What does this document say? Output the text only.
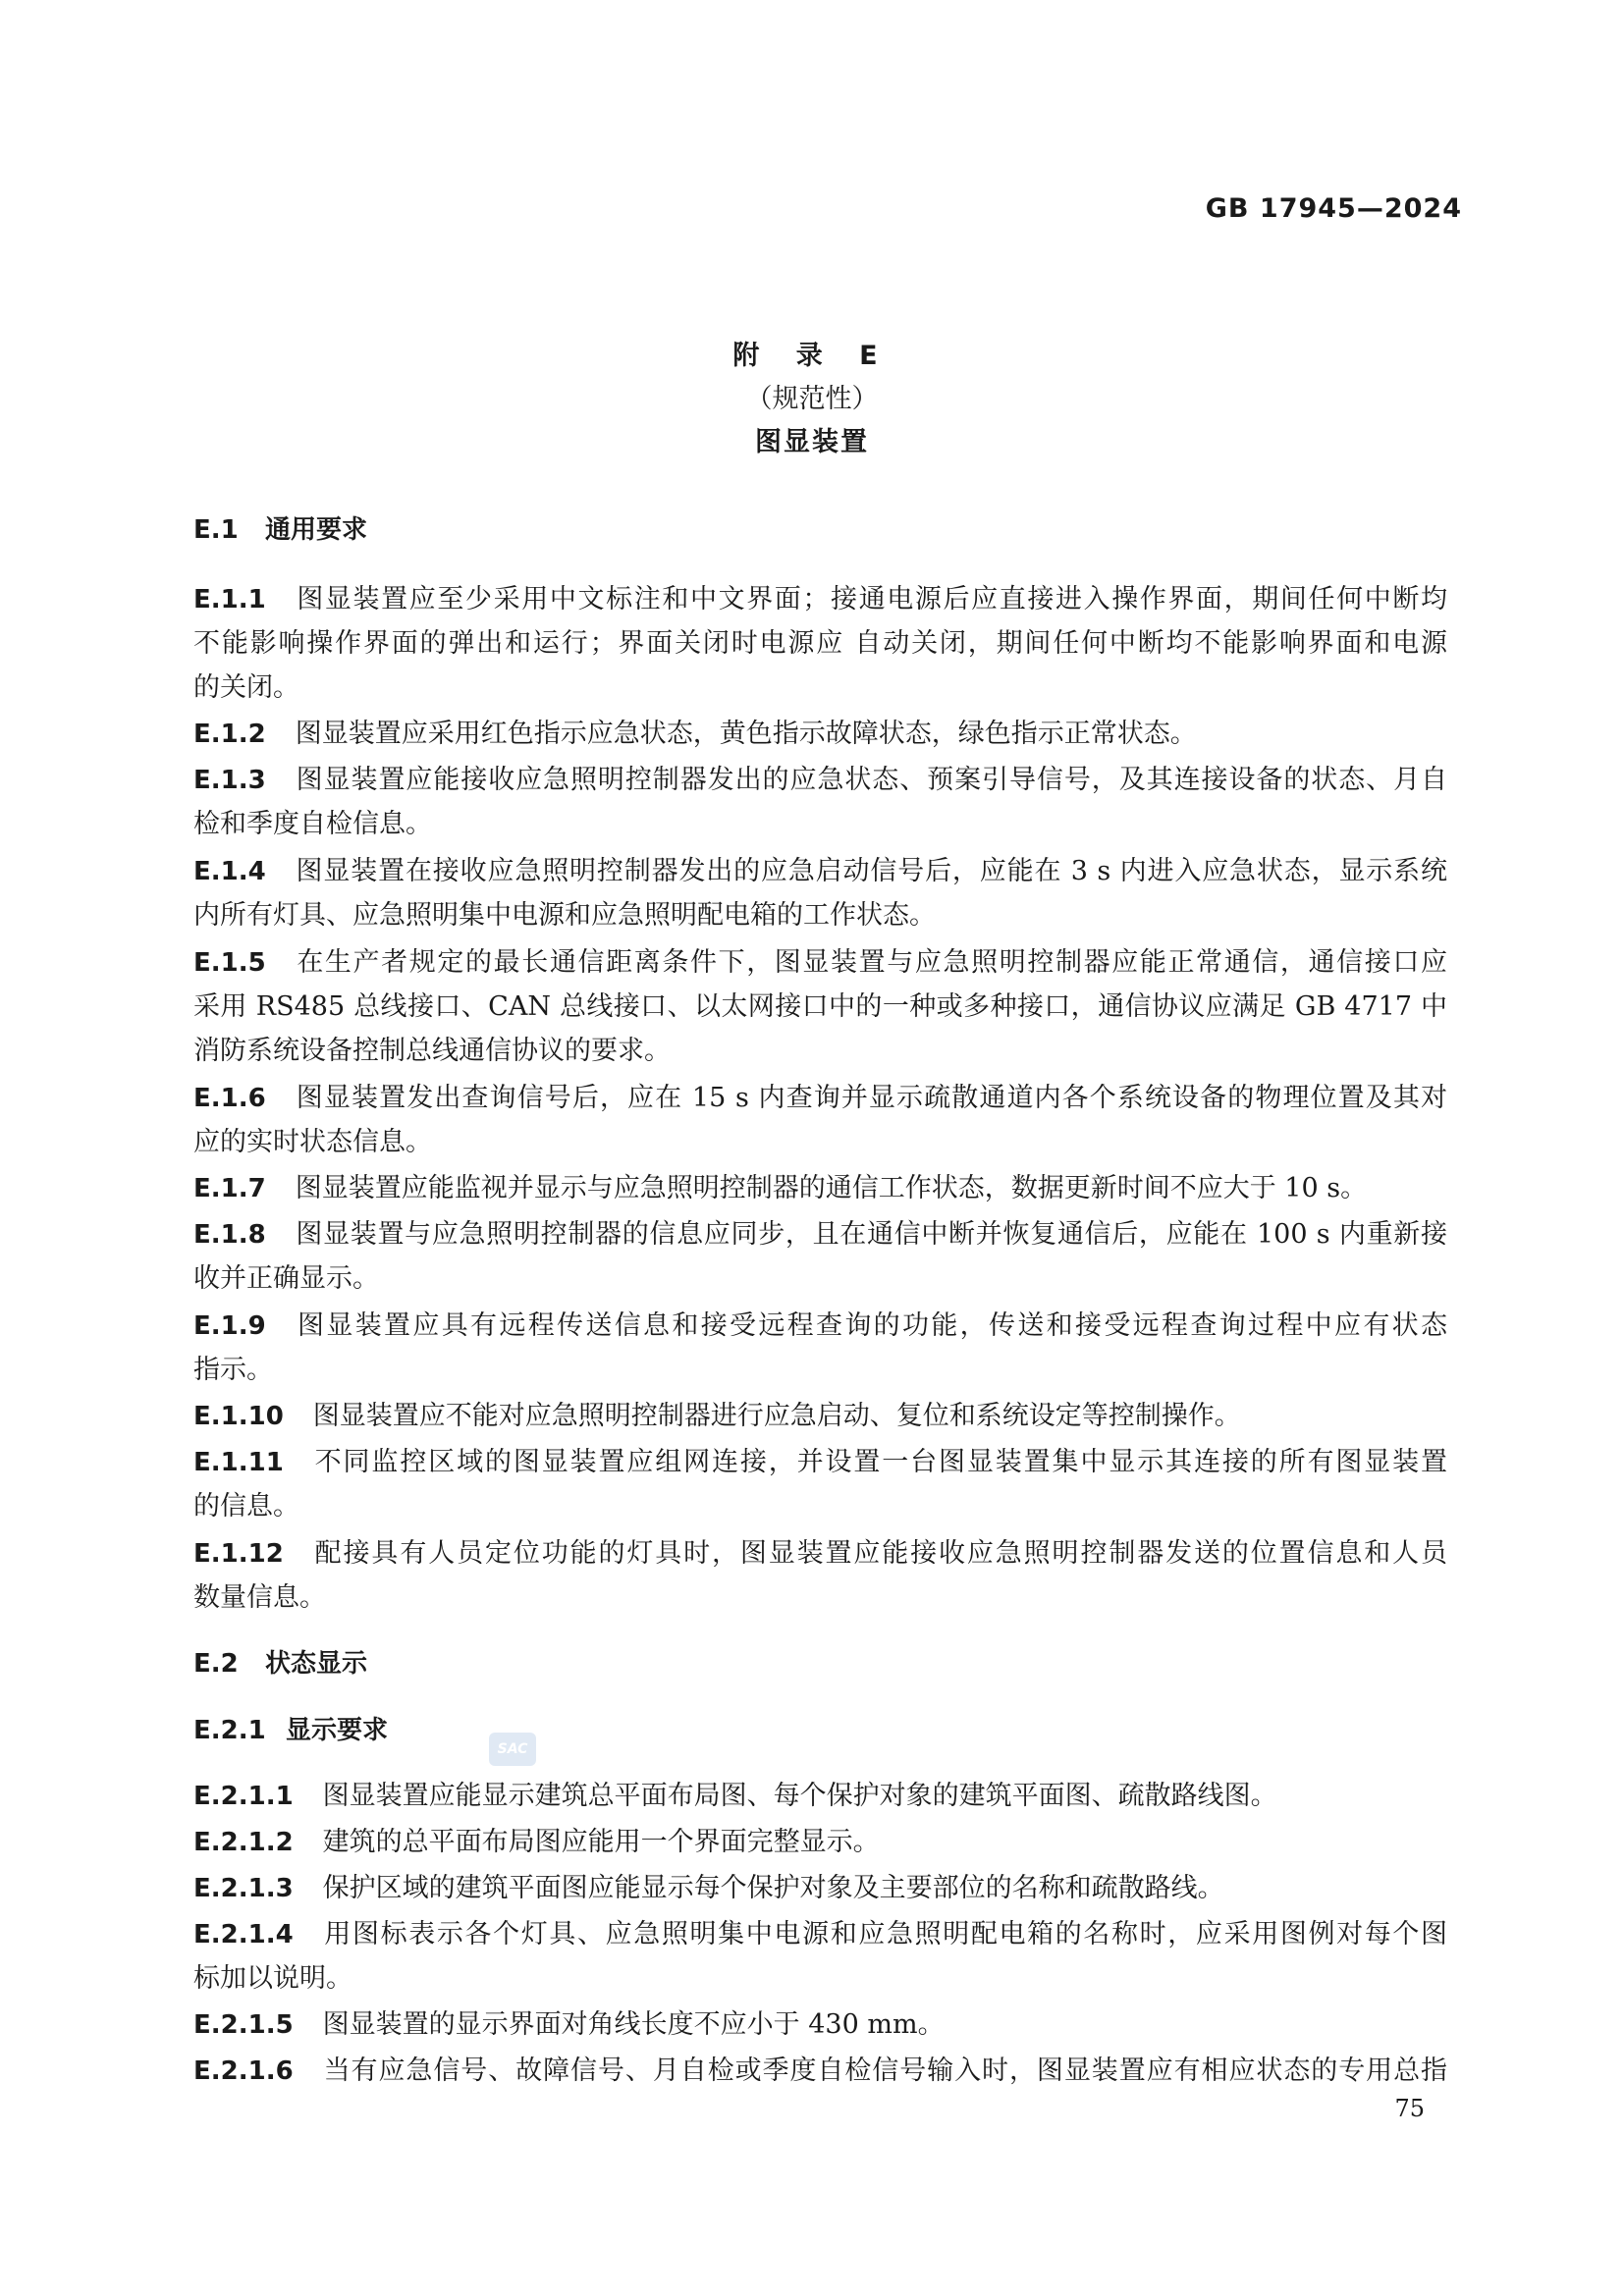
GB 17945—2024
附 录 E
（规范性）
图显装置
E.1 通用要求
E.1.1 图显装置应至少采用中文标注和中文界面；接通电源后应直接进入操作界面，期间任何中断均
不能影响操作界面的弹出和运行；界面关闭时电源应 自动关闭，期间任何中断均不能影响界面和电源
的关闭。
E.1.2 图显装置应采用红色指示应急状态，黄色指示故障状态，绿色指示正常状态。
E.1.3 图显装置应能接收应急照明控制器发出的应急状态、预案引导信号，及其连接设备的状态、月自
检和季度自检信息。
E.1.4 图显装置在接收应急照明控制器发出的应急启动信号后，应能在 3 s 内进入应急状态，显示系统
内所有灯具、应急照明集中电源和应急照明配电箱的工作状态。
E.1.5 在生产者规定的最长通信距离条件下，图显装置与应急照明控制器应能正常通信，通信接口应
采用 RS485 总线接口、CAN 总线接口、以太网接口中的一种或多种接口，通信协议应满足 GB 4717 中
消防系统设备控制总线通信协议的要求。
E.1.6 图显装置发出查询信号后，应在 15 s 内查询并显示疏散通道内各个系统设备的物理位置及其对
应的实时状态信息。
E.1.7 图显装置应能监视并显示与应急照明控制器的通信工作状态，数据更新时间不应大于 10 s。
E.1.8 图显装置与应急照明控制器的信息应同步，且在通信中断并恢复通信后，应能在 100 s 内重新接
收并正确显示。
E.1.9 图显装置应具有远程传送信息和接受远程查询的功能，传送和接受远程查询过程中应有状态
指示。
E.1.10 图显装置应不能对应急照明控制器进行应急启动、复位和系统设定等控制操作。
E.1.11 不同监控区域的图显装置应组网连接，并设置一台图显装置集中显示其连接的所有图显装置
的信息。
E.1.12 配接具有人员定位功能的灯具时，图显装置应能接收应急照明控制器发送的位置信息和人员
数量信息。
E.2 状态显示
E.2.1 显示要求
SAC
E.2.1.1 图显装置应能显示建筑总平面布局图、每个保护对象的建筑平面图、疏散路线图。
E.2.1.2 建筑的总平面布局图应能用一个界面完整显示。
E.2.1.3 保护区域的建筑平面图应能显示每个保护对象及主要部位的名称和疏散路线。
E.2.1.4 用图标表示各个灯具、应急照明集中电源和应急照明配电箱的名称时，应采用图例对每个图
标加以说明。
E.2.1.5 图显装置的显示界面对角线长度不应小于 430 mm。
E.2.1.6 当有应急信号、故障信号、月自检或季度自检信号输入时，图显装置应有相应状态的专用总指
75
